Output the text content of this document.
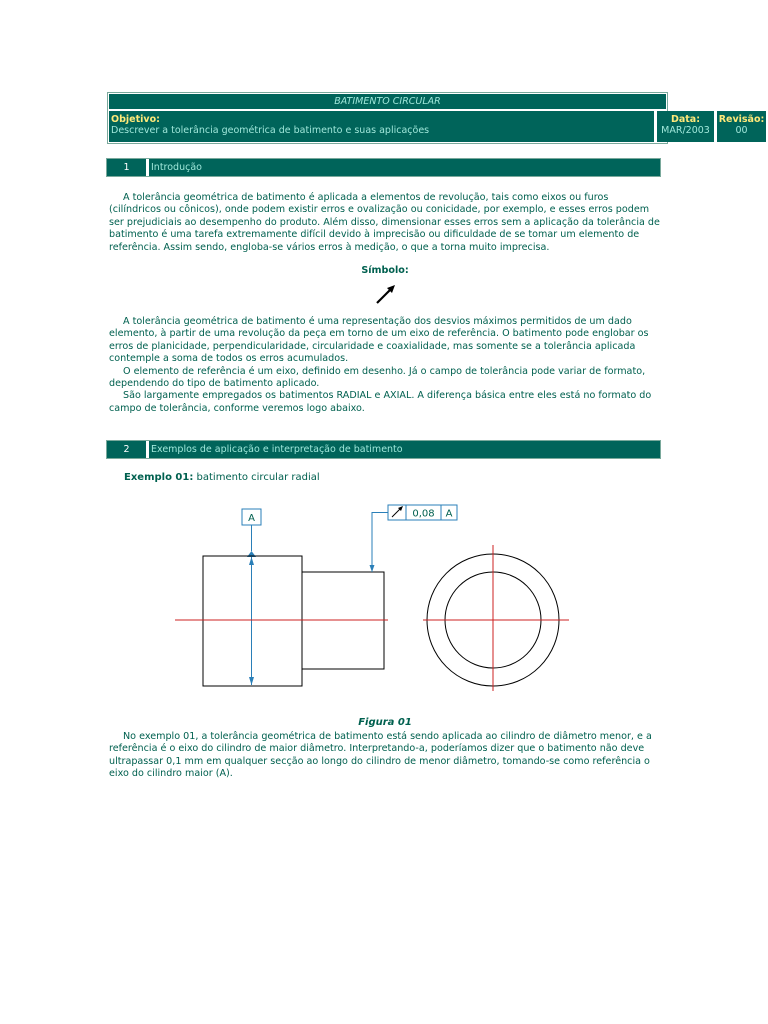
BATIMENTO CIRCULAR
Objetivo:
Descrever a tolerância geométrica de batimento e suas aplicações
Data:
MAR/2003
Revisão:
00
1	Introdução

A tolerância geométrica de batimento é aplicada a elementos de revolução, tais como eixos ou furos (cilíndricos ou cônicos), onde podem existir erros e ovalização ou conicidade, por exemplo, e esses erros podem ser prejudiciais ao desempenho do produto. Além disso, dimensionar esses erros sem a aplicação da tolerância de batimento é uma tarefa extremamente difícil devido à imprecisão ou dificuldade de se tomar um elemento de referência. Assim sendo, engloba-se vários erros à medição, o que a torna muito imprecisa.

Símbolo:

A tolerância geométrica de batimento é uma representação dos desvios máximos permitidos de um dado elemento, à partir de uma revolução da peça em torno de um eixo de referência. O batimento pode englobar os erros de planicidade, perpendicularidade, circularidade e coaxialidade, mas somente se a tolerância aplicada contemple a soma de todos os erros acumulados.

O elemento de referência é um eixo, definido em desenho. Já o campo de tolerância pode variar de formato, dependendo do tipo de batimento aplicado.

São largamente empregados os batimentos RADIAL e AXIAL. A diferença básica entre eles está no formato do campo de tolerância, conforme veremos logo abaixo.

2	Exemplos de aplicação e interpretação de batimento
Exemplo 01: batimento circular radial
A	0,08 A
Figura 01

No exemplo 01, a tolerância geométrica de batimento está sendo aplicada ao cilindro de diâmetro menor, e a referência é o eixo do cilindro de maior diâmetro. Interpretando-a, poderíamos dizer que o batimento não deve ultrapassar 0,1 mm em qualquer secção ao longo do cilindro de menor diâmetro, tomando-se como referência o eixo do cilindro maior (A).
